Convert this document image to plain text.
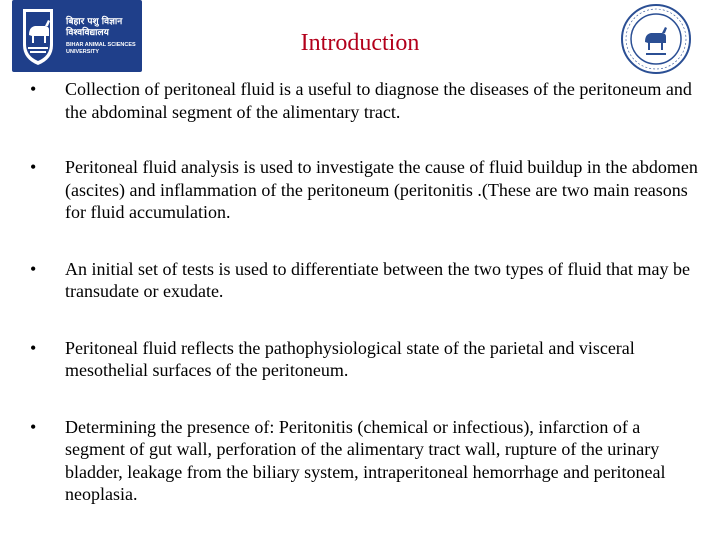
बिहार पशु विज्ञान
विश्वविद्यालय
BIHAR ANIMAL SCIENCES
UNIVERSITY	Introduction
• Collection of peritoneal fluid is a useful to diagnose the diseases of the peritoneum and the abdominal segment of the alimentary tract.
• Peritoneal fluid analysis is used to investigate the cause of fluid buildup in the abdomen (ascites) and inflammation of the peritoneum (peritonitis .(These are two main reasons for fluid accumulation.
• An initial set of tests is used to differentiate between the two types of fluid that may be transudate or exudate.
• Peritoneal fluid reflects the pathophysiological state of the parietal and visceral mesothelial surfaces of the peritoneum.
• Determining the presence of: Peritonitis (chemical or infectious), infarction of a segment of gut wall, perforation of the alimentary tract wall, rupture of the urinary bladder, leakage from the biliary system, intraperitoneal hemorrhage and peritoneal neoplasia.
